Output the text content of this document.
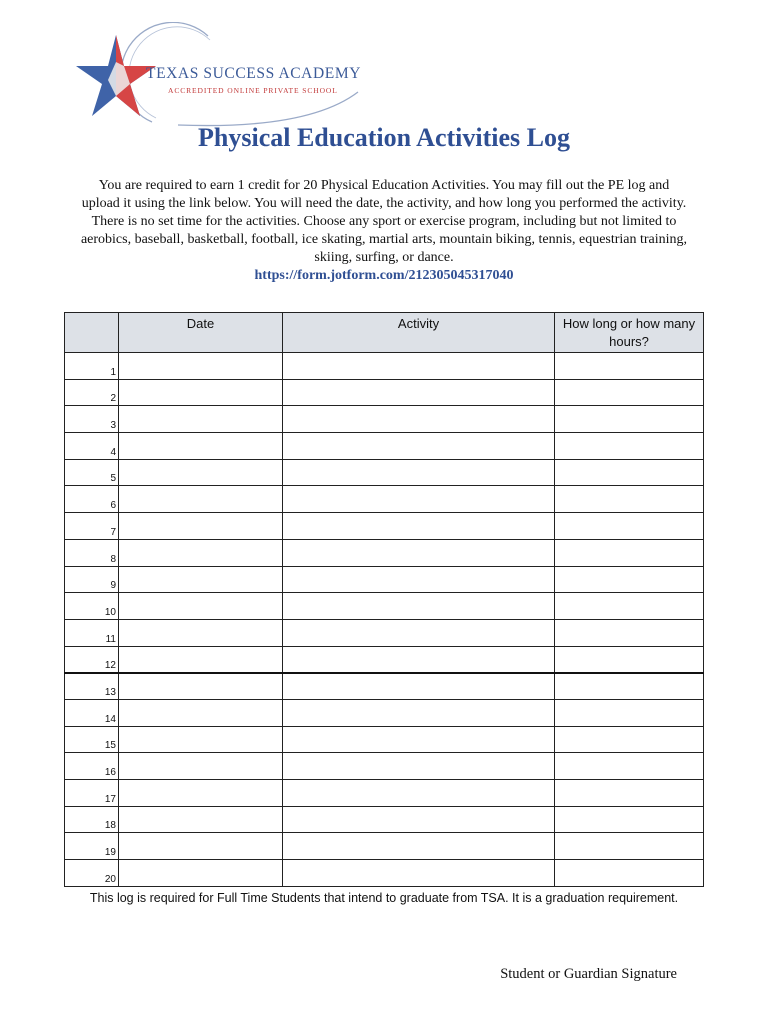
TEXAS SUCCESS ACADEMY
ACCREDITED ONLINE PRIVATE SCHOOL
Physical Education Activities Log
You are required to earn 1 credit for 20 Physical Education Activities. You may fill out the PE log and upload it using the link below. You will need the date, the activity, and how long you performed the activity. There is no set time for the activities. Choose any sport or exercise program, including but not limited to aerobics, baseball, basketball, football, ice skating, martial arts, mountain biking, tennis, equestrian training, skiing, surfing, or dance.
https://form.jotform.com/212305045317040
	Date	Activity	How long or how many hours?
1			
2			
3			
4			
5			
6			
7			
8			
9			
10			
11			
12			
13			
14			
15			
16			
17			
18			
19			
20			
This log is required for Full Time Students that intend to graduate from TSA. It is a graduation requirement.
Student or Guardian Signature
